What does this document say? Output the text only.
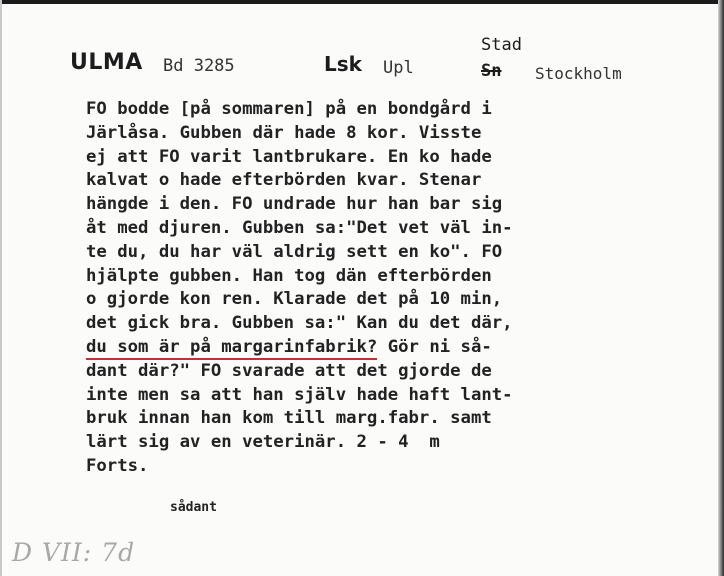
ULMA Bd 3285	Lsk Upl
Stad
Sn Stockholm
FO bodde [på sommaren] på en bondgård i
Järlåsa. Gubben där hade 8 kor. Visste
ej att FO varit lantbrukare. En ko hade
kalvat o hade efterbörden kvar. Stenar
hängde i den. FO undrade hur han bar sig
åt med djuren. Gubben sa:"Det vet väl in-
te du, du har väl aldrig sett en ko". FO
hjälpte gubben. Han tog dän efterbörden
o gjorde kon ren. Klarade det på 10 min,
det gick bra. Gubben sa:" Kan du det där,
du som är på margarinfabrik? Gör ni så-
dant där?" FO svarade att det gjorde de
inte men sa att han själv hade haft lant-
bruk innan han kom till marg.fabr. samt
lärt sig av en veterinär. 2 - 4  m
Forts.
sådant
D VII: 7d
